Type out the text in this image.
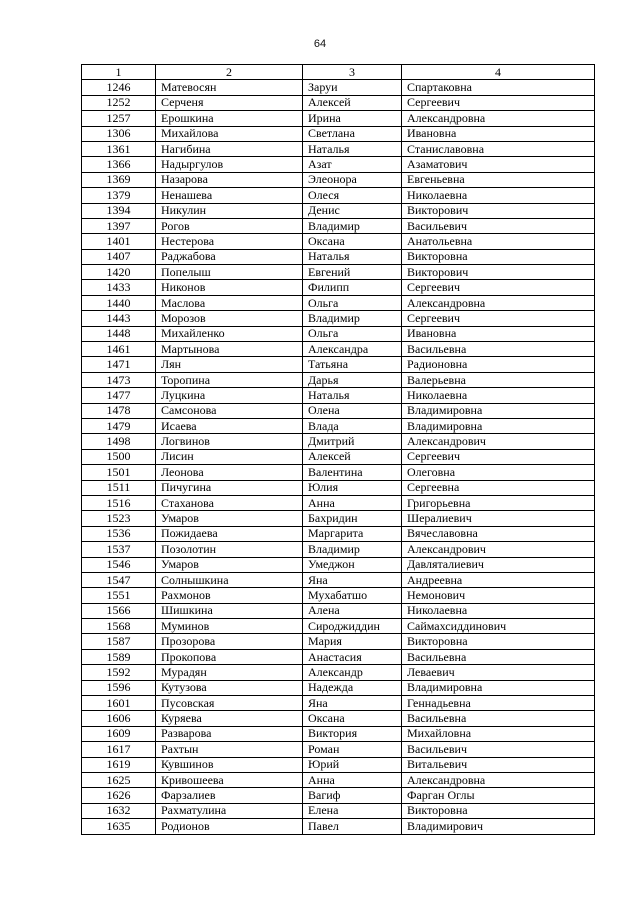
64
1	2	3	4
1246	Матевосян	Заруи	Спартаковна
1252	Серченя	Алексей	Сергеевич
1257	Ерошкина	Ирина	Александровна
1306	Михайлова	Светлана	Ивановна
1361	Нагибина	Наталья	Станиславовна
1366	Надыргулов	Азат	Азаматович
1369	Назарова	Элеонора	Евгеньевна
1379	Ненашева	Олеся	Николаевна
1394	Никулин	Денис	Викторович
1397	Рогов	Владимир	Васильевич
1401	Нестерова	Оксана	Анатольевна
1407	Раджабова	Наталья	Викторовна
1420	Попелыш	Евгений	Викторович
1433	Никонов	Филипп	Сергеевич
1440	Маслова	Ольга	Александровна
1443	Морозов	Владимир	Сергеевич
1448	Михайленко	Ольга	Ивановна
1461	Мартынова	Александра	Васильевна
1471	Лян	Татьяна	Радионовна
1473	Торопина	Дарья	Валерьевна
1477	Луцкина	Наталья	Николаевна
1478	Самсонова	Олена	Владимировна
1479	Исаева	Влада	Владимировна
1498	Логвинов	Дмитрий	Александрович
1500	Лисин	Алексей	Сергеевич
1501	Леонова	Валентина	Олеговна
1511	Пичугина	Юлия	Сергеевна
1516	Стаханова	Анна	Григорьевна
1523	Умаров	Бахридин	Шералиевич
1536	Пожидаева	Маргарита	Вячеславовна
1537	Позолотин	Владимир	Александрович
1546	Умаров	Умеджон	Давлятaлиевич
1547	Солнышкина	Яна	Андреевна
1551	Рахмонов	Мухабатшо	Немонович
1566	Шишкина	Алена	Николаевна
1568	Муминов	Сироджиддин	Саймахсиддинович
1587	Прозорова	Мария	Викторовна
1589	Прокопова	Анастасия	Васильевна
1592	Мурадян	Александр	Леваевич
1596	Кутузова	Надежда	Владимировна
1601	Пусовская	Яна	Геннадьевна
1606	Куряева	Оксана	Васильевна
1609	Разварова	Виктория	Михайловна
1617	Рахтын	Роман	Васильевич
1619	Кувшинов	Юрий	Витальевич
1625	Кривошеева	Анна	Александровна
1626	Фарзалиев	Вагиф	Фарган Оглы
1632	Рахматулина	Елена	Викторовна
1635	Родионов	Павел	Владимирович
